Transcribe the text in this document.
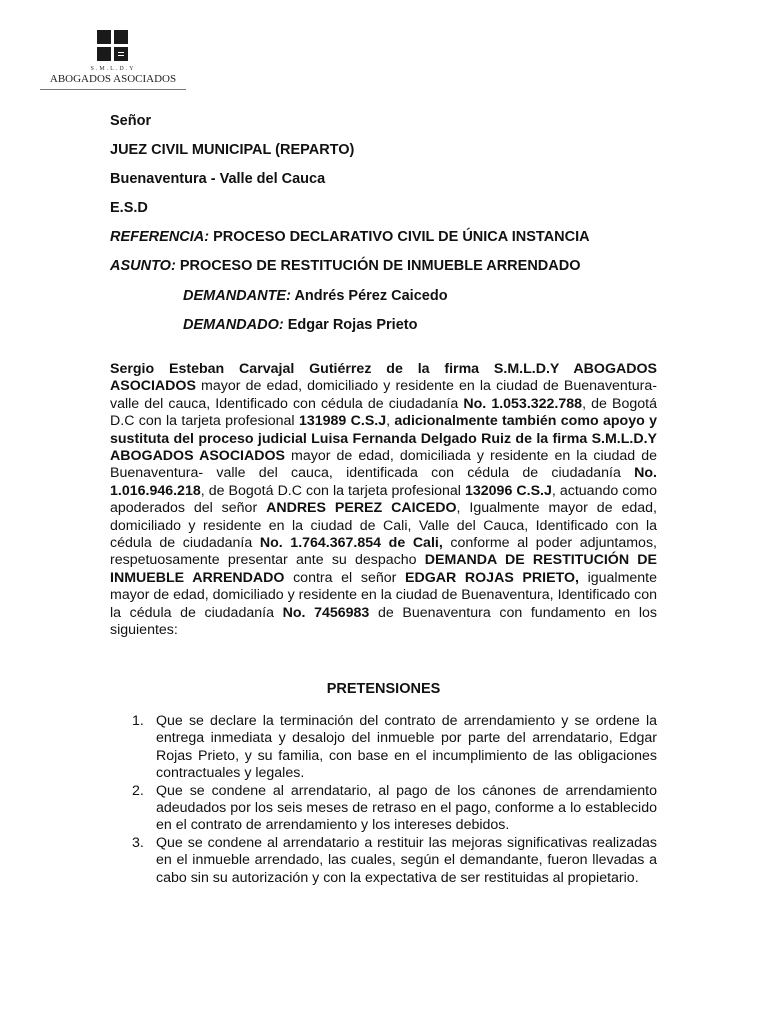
S.M.L.D.Y
ABOGADOS ASOCIADOS
Señor
JUEZ CIVIL MUNICIPAL (REPARTO)
Buenaventura - Valle del Cauca
E.S.D
REFERENCIA: PROCESO DECLARATIVO CIVIL DE ÚNICA INSTANCIA
ASUNTO: PROCESO DE RESTITUCIÓN DE INMUEBLE ARRENDADO
DEMANDANTE: Andrés Pérez Caicedo
DEMANDADO: Edgar Rojas Prieto
Sergio Esteban Carvajal Gutiérrez de la firma S.M.L.D.Y ABOGADOS ASOCIADOS mayor de edad, domiciliado y residente en la ciudad de Buenaventura- valle del cauca, Identificado con cédula de ciudadanía No. 1.053.322.788, de Bogotá D.C con la tarjeta profesional 131989 C.S.J, adicionalmente también como apoyo y sustituta del proceso judicial Luisa Fernanda Delgado Ruiz de la firma S.M.L.D.Y ABOGADOS ASOCIADOS mayor de edad, domiciliada y residente en la ciudad de Buenaventura- valle del cauca, identificada con cédula de ciudadanía No. 1.016.946.218, de Bogotá D.C con la tarjeta profesional 132096 C.S.J, actuando como apoderados del señor ANDRES PEREZ CAICEDO, Igualmente mayor de edad, domiciliado y residente en la ciudad de Cali, Valle del Cauca, Identificado con la cédula de ciudadanía No. 1.764.367.854 de Cali, conforme al poder adjuntamos, respetuosamente presentar ante su despacho DEMANDA DE RESTITUCIÓN DE INMUEBLE ARRENDADO contra el señor EDGAR ROJAS PRIETO, igualmente mayor de edad, domiciliado y residente en la ciudad de Buenaventura, Identificado con la cédula de ciudadanía No. 7456983 de Buenaventura con fundamento en los siguientes:
PRETENSIONES
1. Que se declare la terminación del contrato de arrendamiento y se ordene la entrega inmediata y desalojo del inmueble por parte del arrendatario, Edgar Rojas Prieto, y su familia, con base en el incumplimiento de las obligaciones contractuales y legales.
2. Que se condene al arrendatario, al pago de los cánones de arrendamiento adeudados por los seis meses de retraso en el pago, conforme a lo establecido en el contrato de arrendamiento y los intereses debidos.
3. Que se condene al arrendatario a restituir las mejoras significativas realizadas en el inmueble arrendado, las cuales, según el demandante, fueron llevadas a cabo sin su autorización y con la expectativa de ser restituidas al propietario.
